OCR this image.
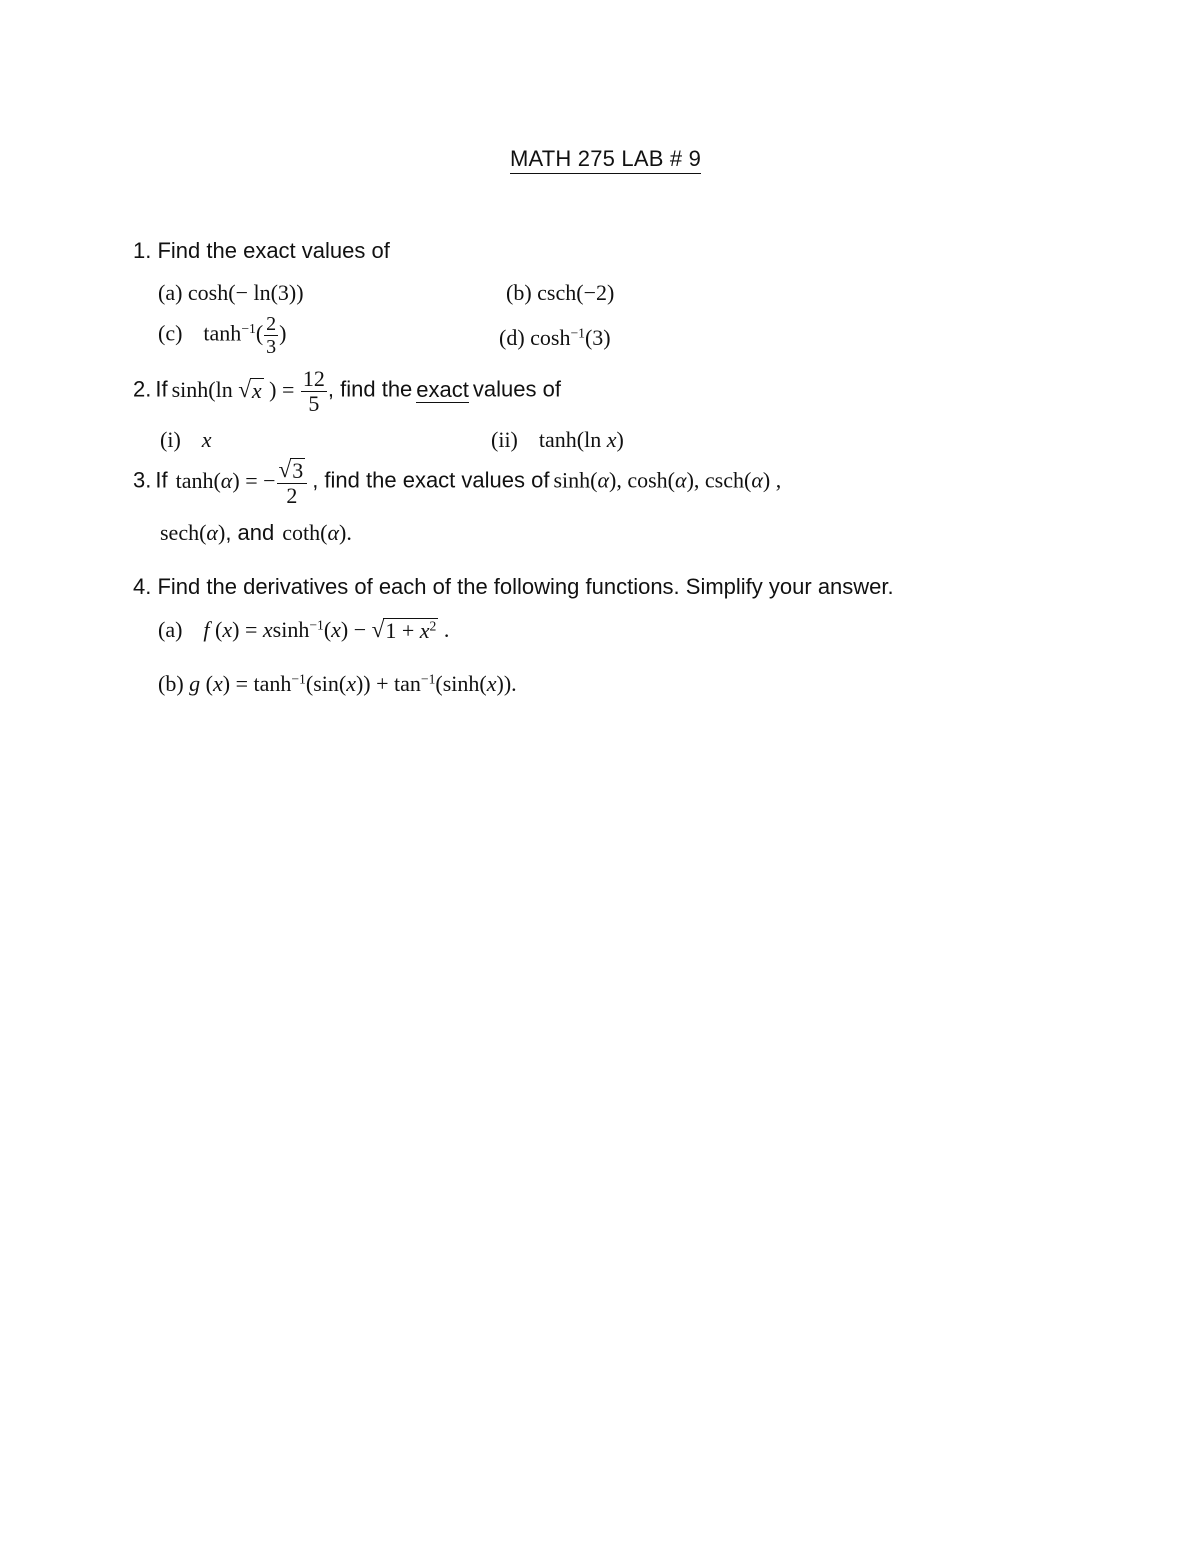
MATH 275 LAB # 9
1. Find the exact values of
(a) cosh(− ln(3))	(b) csch(−2)
(c) $\tanh^{-1}( \frac{2}{3}$ )	(d) $\cosh^{-1}(3)$
2. If sinh(ln √ x ) = $\frac{12}{5}$ , find the exact values of
(i) x	(ii) tanh(ln x)
3. If tanh(α) = − $\frac{√ 3}{2}$ , find the exact values of sinh(α), cosh(α), csch(α) ,
sech(α), and coth(α).
4. Find the derivatives of each of the following functions. Simplify your answer.
(a) f (x) = xsinh$^{-1}$(x) − √ $1 + x^2$ .
(b) g $(x) = \tanh^{-1}(\sin(x)) + \tan^{-1}(\sinh(x))$.
